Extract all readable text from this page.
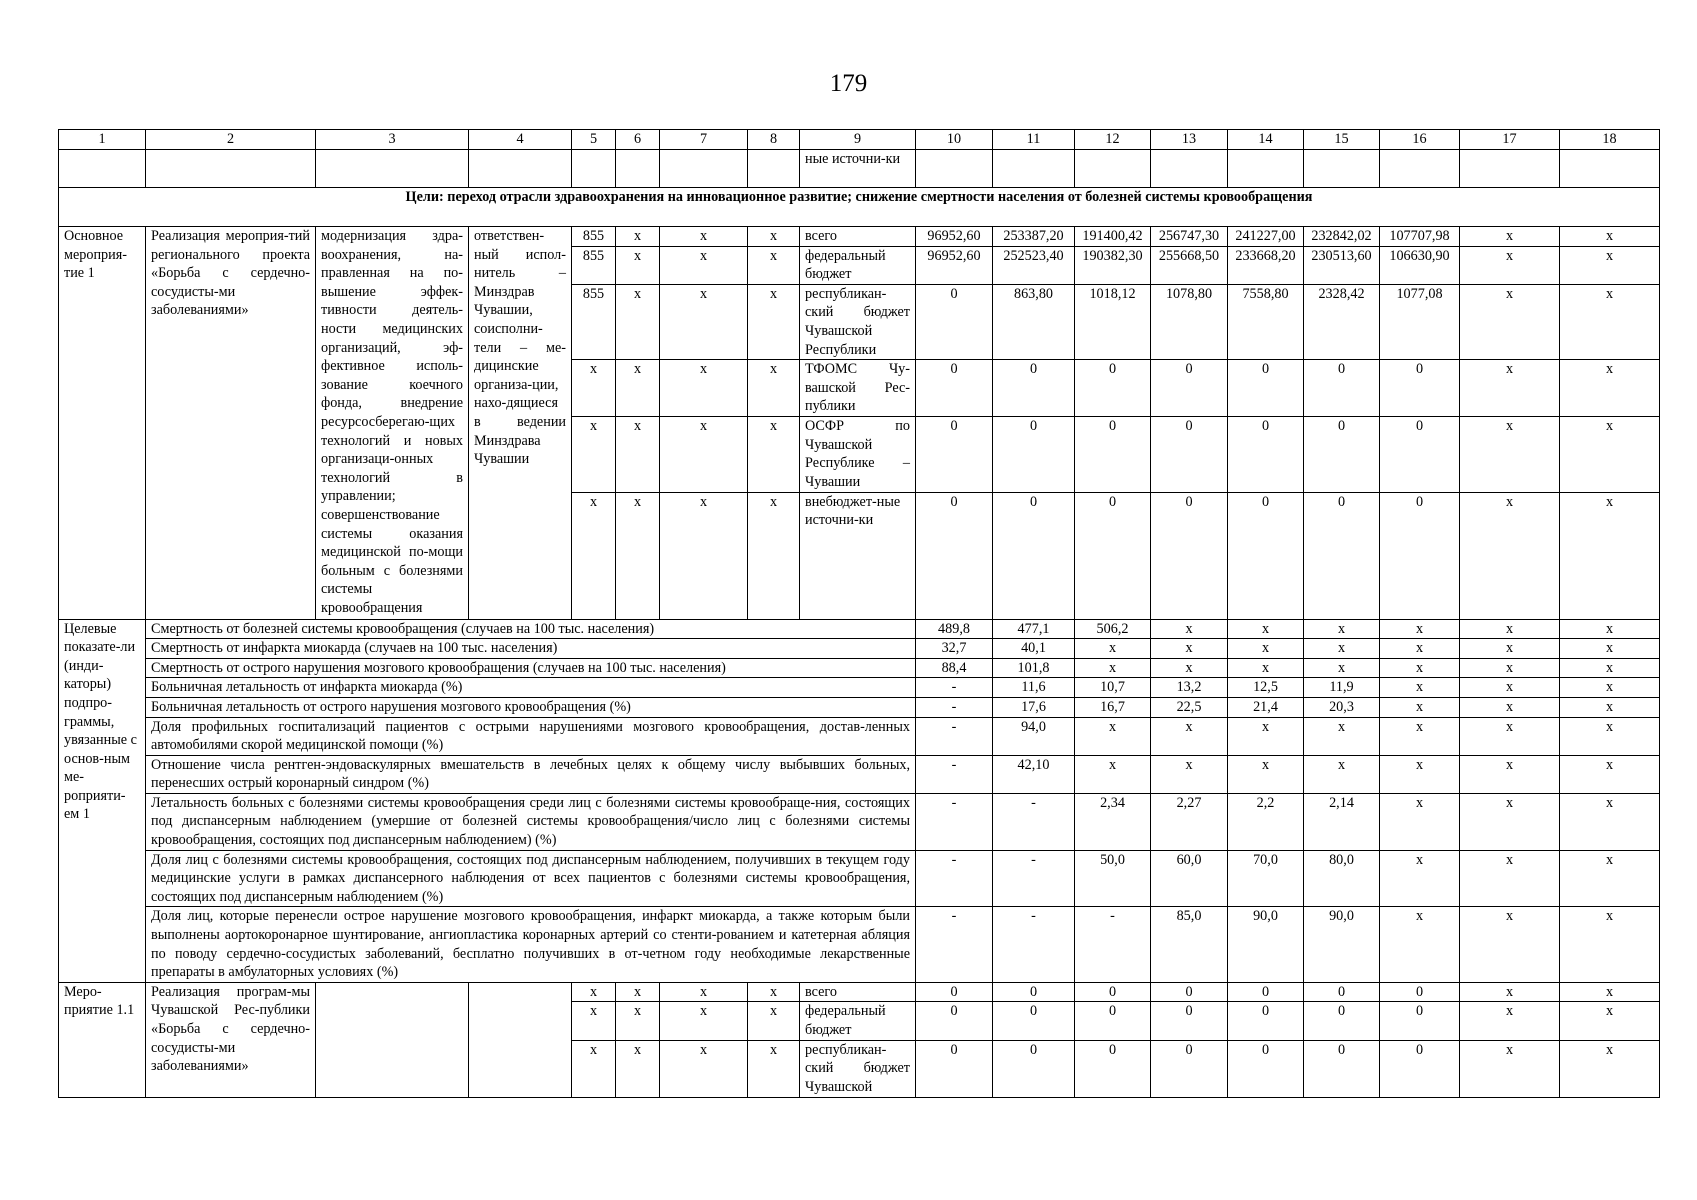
179
1	2	3	4	5	6	7	8	9	10	11	12	13	14	15	16	17	18
								ные источни-ки									
Цели: переход отрасли здравоохранения на инновационное развитие; снижение смертности населения от болезней системы кровообращения																	
Основное мероприя-тие 1	Реализация мероприя-тий регионального проекта «Борьба с сердечно-сосудисты-ми заболеваниями»	модернизация здра-воохранения, на-правленная на по-вышение эффек-тивности деятель-ности медицинских организаций, эф-фективное исполь-зование коечного фонда, внедрение ресурсосберегаю-щих технологий и новых организаци-онных технологий в управлении; совершенствование системы оказания медицинской по-мощи больным с болезнями системы кровообращения	ответствен-ный испол-нитель – Минздрав Чувашии, соисполни-тели – ме-дицинские организа-ции, нахо-дящиеся в ведении Минздрава Чувашии	855	x	x	x	всего	96952,60	253387,20	191400,42	256747,30	241227,00	232842,02	107707,98	x	x
				855	x	x	x	федеральный бюджет	96952,60	252523,40	190382,30	255668,50	233668,20	230513,60	106630,90	x	x
				855	x	x	x	республикан-ский бюджет Чувашской Республики	0	863,80	1018,12	1078,80	7558,80	2328,42	1077,08	x	x
				x	x	x	x	ТФОМС Чу-вашской Рес-публики	0	0	0	0	0	0	0	x	x
				x	x	x	x	ОСФР по Чувашской Республике – Чувашии	0	0	0	0	0	0	0	x	x
				x	x	x	x	внебюджет-ные источни-ки	0	0	0	0	0	0	0	x	x
Целевые показате-ли (инди-каторы) подпро-граммы, увязанные с основ-ным ме-роприяти-ем 1	Смертность от болезней системы кровообращения (случаев на 100 тыс. населения)								489,8	477,1	506,2	x	x	x	x	x	x
	Смертность от инфаркта миокарда (случаев на 100 тыс. населения)								32,7	40,1	x	x	x	x	x	x	x
	Смертность от острого нарушения мозгового кровообращения (случаев на 100 тыс. населения)								88,4	101,8	x	x	x	x	x	x	x
	Больничная летальность от инфаркта миокарда (%)								-	11,6	10,7	13,2	12,5	11,9	x	x	x
	Больничная летальность от острого нарушения мозгового кровообращения (%)								-	17,6	16,7	22,5	21,4	20,3	x	x	x
	Доля профильных госпитализаций пациентов с острыми нарушениями мозгового кровообращения, достав-ленных автомобилями скорой медицинской помощи (%)								-	94,0	x	x	x	x	x	x	x
	Отношение числа рентген-эндоваскулярных вмешательств в лечебных целях к общему числу выбывших больных, перенесших острый коронарный синдром (%)								-	42,10	x	x	x	x	x	x	x
	Летальность больных с болезнями системы кровообращения среди лиц с болезнями системы кровообраще-ния, состоящих под диспансерным наблюдением (умершие от болезней системы кровообращения/число лиц с болезнями системы кровообращения, состоящих под диспансерным наблюдением) (%)								-	-	2,34	2,27	2,2	2,14	x	x	x
	Доля лиц с болезнями системы кровообращения, состоящих под диспансерным наблюдением, получивших в текущем году медицинские услуги в рамках диспансерного наблюдения от всех пациентов с болезнями системы кровообращения, состоящих под диспансерным наблюдением (%)								-	-	50,0	60,0	70,0	80,0	x	x	x
	Доля лиц, которые перенесли острое нарушение мозгового кровообращения, инфаркт миокарда, а также которым были выполнены аортокоронарное шунтирование, ангиопластика коронарных артерий со стенти-рованием и катетерная абляция по поводу сердечно-сосудистых заболеваний, бесплатно получивших в от-четном году необходимые лекарственные препараты в амбулаторных условиях (%)								-	-	-	85,0	90,0	90,0	x	x	x
Меро-приятие 1.1	Реализация програм-мы Чувашской Рес-публики «Борьба с сердечно-сосудисты-ми заболеваниями»			x	x	x	x	всего	0	0	0	0	0	0	0	x	x
				x	x	x	x	федеральный бюджет	0	0	0	0	0	0	0	x	x
				x	x	x	x	республикан-ский бюджет Чувашской	0	0	0	0	0	0	0	x	x
